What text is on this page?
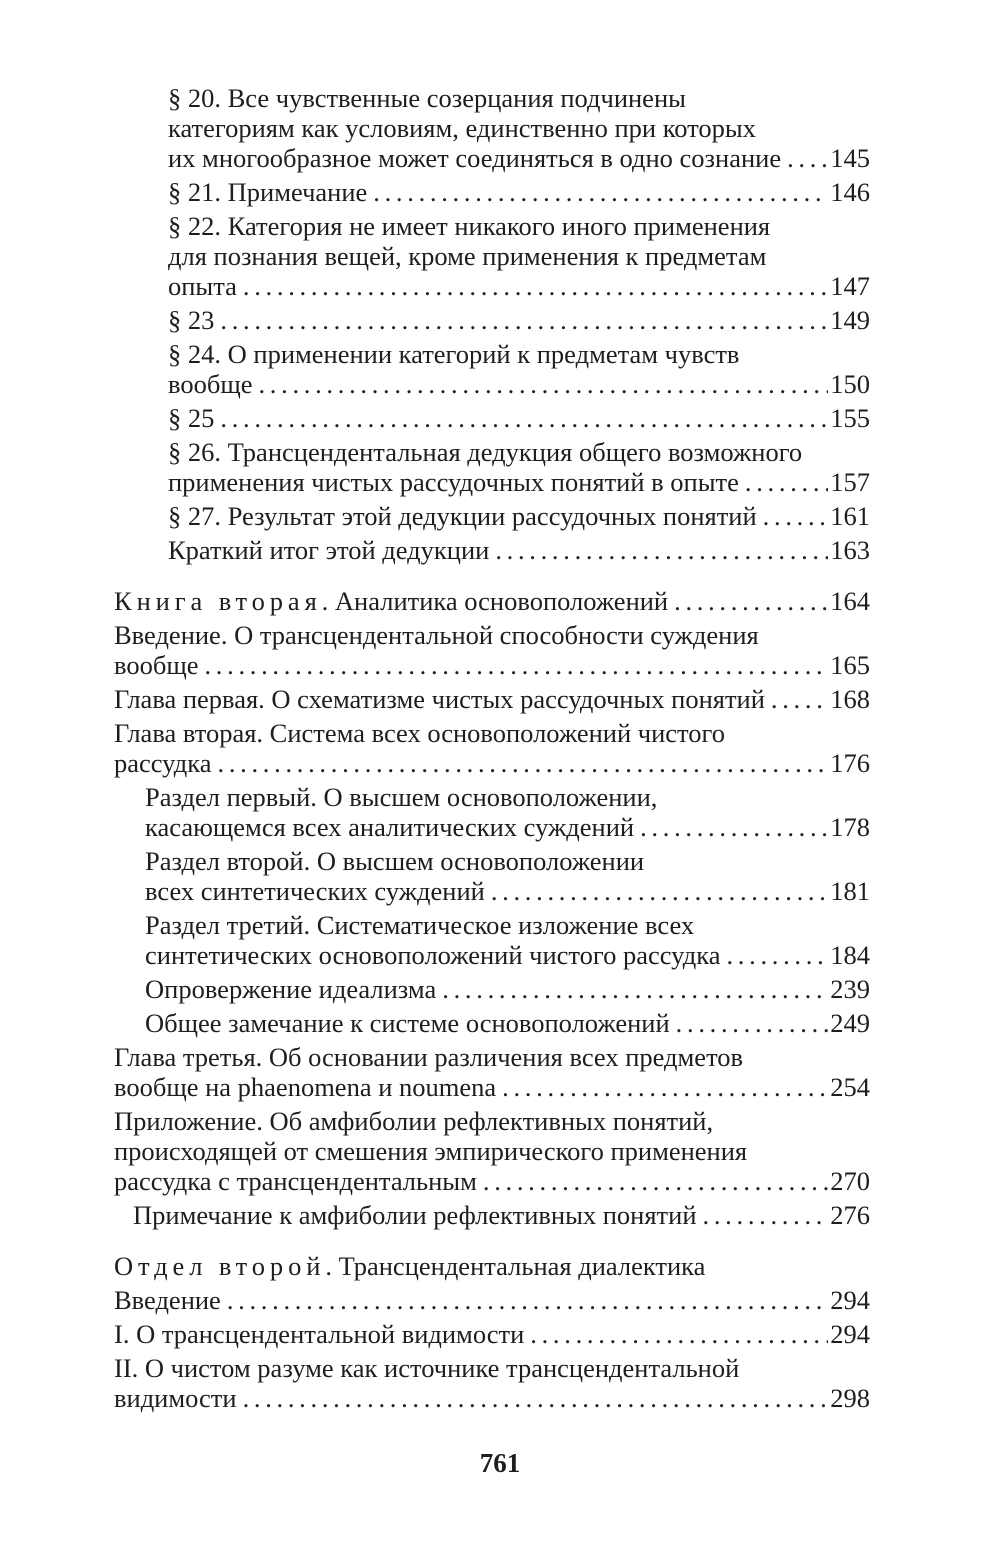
§ 20. Все чувственные созерцания подчинены
категориям как условиям, единственно при которых
их многообразное может соединяться в одно сознание ..... 145
§ 21. Примечание .....	146
§ 22. Категория не имеет никакого иного применения
для познания вещей, кроме применения к предметам
опыта .....	147
§ 23 .....	149
§ 24. О применении категорий к предметам чувств
вообще .....	150
§ 25 .....	155
§ 26. Трансцендентальная дедукция общего возможного
применения чистых рассудочных понятий в опыте .....	157
§ 27. Результат этой дедукции рассудочных понятий .....	161
Краткий итог этой дедукции .....	163
Книга вторая. Аналитика основоположений .....	164
Введение. О трансцендентальной способности суждения
вообще .....	165
Глава первая. О схематизме чистых рассудочных понятий ..... 168
Глава вторая. Система всех основоположений чистого
рассудка .....	176
Раздел первый. О высшем основоположении,
касающемся всех аналитических суждений .....	178
Раздел второй. О высшем основоположении
всех синтетических суждений .....	181
Раздел третий. Систематическое изложение всех
синтетических основоположений чистого рассудка .....	184
Опровержение идеализма .....	239
Общее замечание к системе основоположений .....	249
Глава третья. Об основании различения всех предметов
вообще на phaenomena и noumena .....	254
Приложение. Об амфиболии рефлективных понятий,
происходящей от смешения эмпирического применения
рассудка с трансцендентальным .....	270
Примечание к амфиболии рефлективных понятий .....	276
Отдел второй. Трансцендентальная диалектика
Введение .....	294
I. О трансцендентальной видимости .....	294
II. О чистом разуме как источнике трансцендентальной
видимости .....	298
761
